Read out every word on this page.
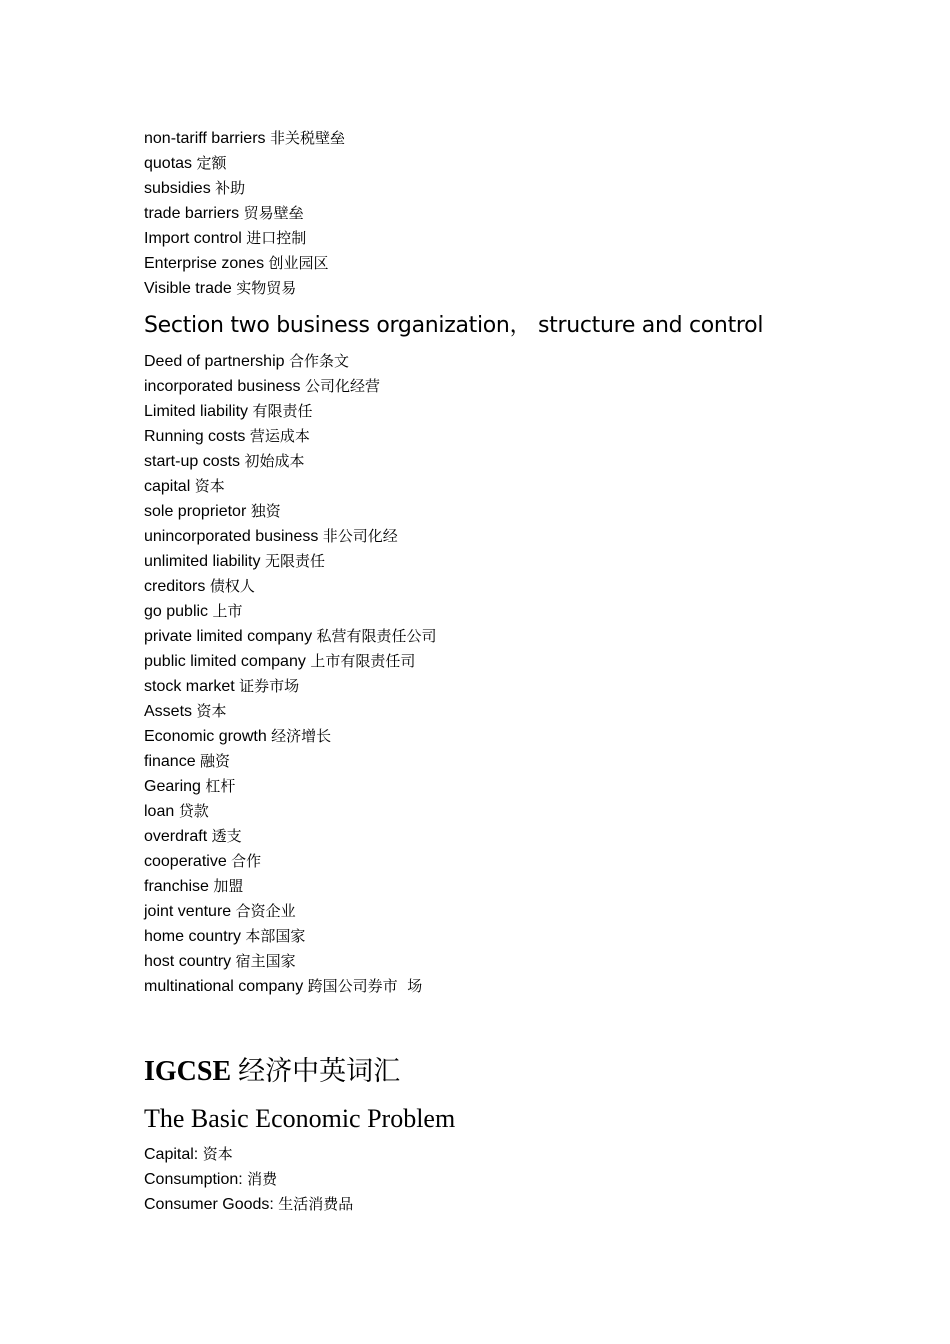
non-tariff barriers 非关税壁垒
quotas 定额
subsidies 补助
trade barriers 贸易壁垒
Import control 进口控制
Enterprise zones 创业园区
Visible trade 实物贸易
Section two business organization， structure and control
Deed of partnership 合作条文
incorporated business 公司化经营
Limited liability 有限责任
Running costs 营运成本
start-up costs 初始成本
capital 资本
sole proprietor 独资
unincorporated business 非公司化经
unlimited liability 无限责任
creditors 债权人
go public 上市
private limited company 私营有限责任公司
public limited company 上市有限责任司
stock market 证券市场
Assets 资本
Economic growth 经济增长
finance 融资
Gearing 杠杆
loan 贷款
overdraft 透支
cooperative 合作
franchise 加盟
joint venture 合资企业
home country 本部国家
host country 宿主国家
multinational company 跨国公司券市  场
IGCSE 经济中英词汇
The Basic Economic Problem
Capital: 资本
Consumption: 消费
Consumer Goods: 生活消费品
